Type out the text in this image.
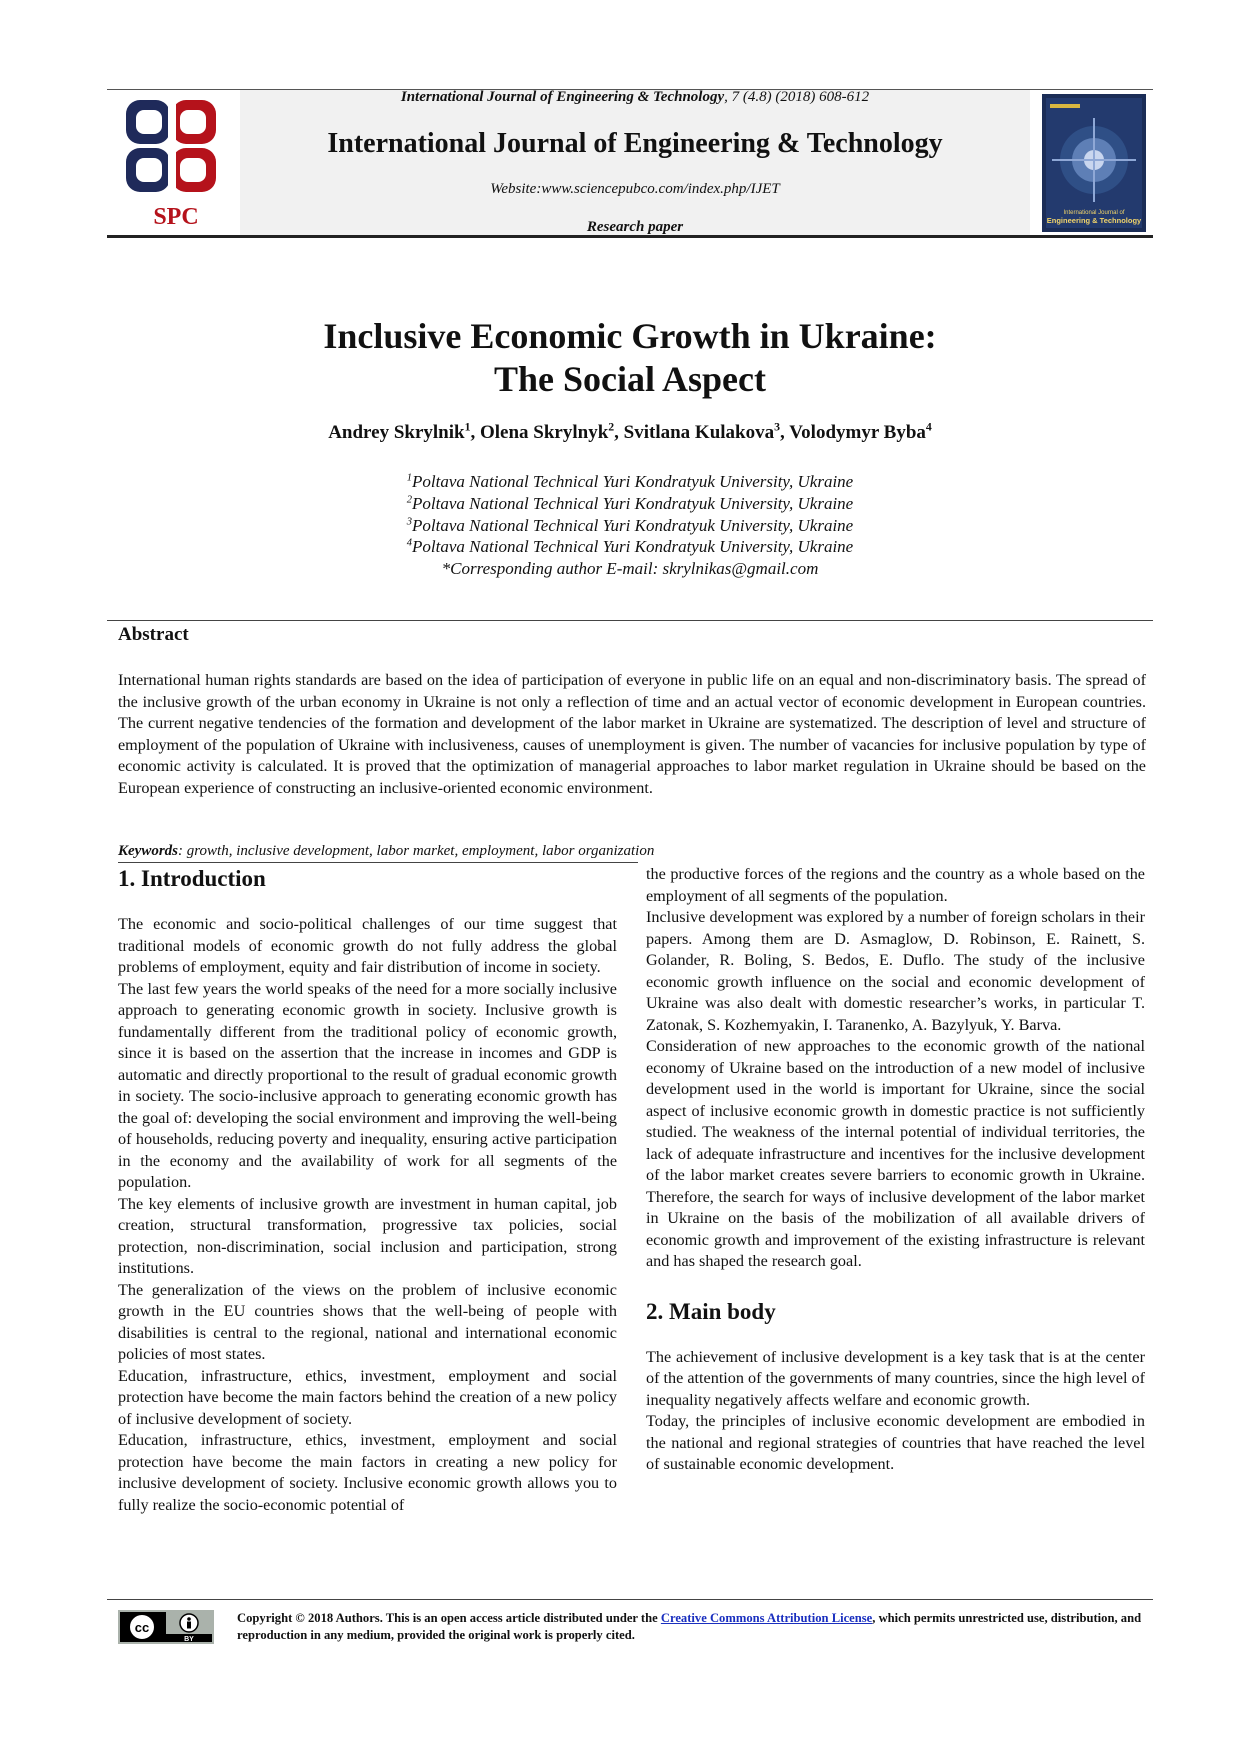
SPC
International Journal of Engineering & Technology, 7 (4.8) (2018) 608-612
International Journal of Engineering & Technology
Website:www.sciencepubco.com/index.php/IJET
Research paper
International Journal of
Engineering & Technology
Inclusive Economic Growth in Ukraine:
The Social Aspect
Andrey Skrylnik$^1$, Olena Skrylnyk$^2$, Svitlana Kulakova$^3$, Volodymyr Byba$^4$
$^1$Poltava National Technical Yuri Kondratyuk University, Ukraine
$^2$Poltava National Technical Yuri Kondratyuk University, Ukraine
$^3$Poltava National Technical Yuri Kondratyuk University, Ukraine
$^4$Poltava National Technical Yuri Kondratyuk University, Ukraine
*Corresponding author E-mail: skrylnikas@gmail.com
Abstract
International human rights standards are based on the idea of participation of everyone in public life on an equal and non-discriminatory basis. The spread of the inclusive growth of the urban economy in Ukraine is not only a reflection of time and an actual vector of economic development in European countries. The current negative tendencies of the formation and development of the labor market in Ukraine are systematized. The description of level and structure of employment of the population of Ukraine with inclusiveness, causes of unemployment is given. The number of vacancies for inclusive population by type of economic activity is calculated. It is proved that the optimization of managerial approaches to labor market regulation in Ukraine should be based on the European experience of constructing an inclusive-oriented economic environment.
Keywords: growth, inclusive development, labor market, employment, labor organization
1. Introduction

The economic and socio-political challenges of our time suggest that traditional models of economic growth do not fully address the global problems of employment, equity and fair distribution of income in society.

The last few years the world speaks of the need for a more socially inclusive approach to generating economic growth in society. Inclusive growth is fundamentally different from the traditional policy of economic growth, since it is based on the assertion that the increase in incomes and GDP is automatic and directly proportional to the result of gradual economic growth in society. The socio-inclusive approach to generating economic growth has the goal of: developing the social environment and improving the well-being of households, reducing poverty and inequality, ensuring active participation in the economy and the availability of work for all segments of the population.

The key elements of inclusive growth are investment in human capital, job creation, structural transformation, progressive tax policies, social protection, non-discrimination, social inclusion and participation, strong institutions.

The generalization of the views on the problem of inclusive economic growth in the EU countries shows that the well-being of people with disabilities is central to the regional, national and international economic policies of most states.

Education, infrastructure, ethics, investment, employment and social protection have become the main factors behind the creation of a new policy of inclusive development of society.

Education, infrastructure, ethics, investment, employment and social protection have become the main factors in creating a new policy for inclusive development of society. Inclusive economic growth allows you to fully realize the socio-economic potential of

the productive forces of the regions and the country as a whole based on the employment of all segments of the population.

Inclusive development was explored by a number of foreign scholars in their papers. Among them are D. Asmaglow, D. Robinson, E. Rainett, S. Golander, R. Boling, S. Bedos, E. Duflo. The study of the inclusive economic growth influence on the social and economic development of Ukraine was also dealt with domestic researcher’s works, in particular T. Zatonak, S. Kozhemyakin, I. Taranenko, A. Bazylyuk, Y. Barva.

Consideration of new approaches to the economic growth of the national economy of Ukraine based on the introduction of a new model of inclusive development used in the world is important for Ukraine, since the social aspect of inclusive economic growth in domestic practice is not sufficiently studied. The weakness of the internal potential of individual territories, the lack of adequate infrastructure and incentives for the inclusive development of the labor market creates severe barriers to economic growth in Ukraine. Therefore, the search for ways of inclusive development of the labor market in Ukraine on the basis of the mobilization of all available drivers of economic growth and improvement of the existing infrastructure is relevant and has shaped the research goal.

2. Main body

The achievement of inclusive development is a key task that is at the center of the attention of the governments of many countries, since the high level of inequality negatively affects welfare and economic growth.

Today, the principles of inclusive economic development are embodied in the national and regional strategies of countries that have reached the level of sustainable economic development.

cc
BY
Copyright © 2018 Authors. This is an open access article distributed under the Creative Commons Attribution License, which permits unrestricted use, distribution, and reproduction in any medium, provided the original work is properly cited.
